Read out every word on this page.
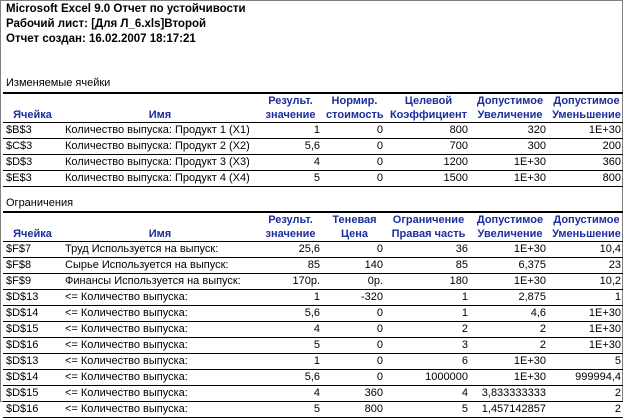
Microsoft Excel 9.0 Отчет по устойчивости
Рабочий лист: [Для Л_6.xls]Второй
Отчет создан: 16.02.2007 18:17:21
Изменяемые ячейки
		Результ.	Нормир.	Целевой	Допустимое	Допустимое
Ячейка	Имя	значение	стоимость	Коэффициент	Увеличение	Уменьшение
$B$3	Количество выпуска: Продукт 1 (X1)	1	0	800	320	1E+30
$C$3	Количество выпуска: Продукт 2 (X2)	5,6	0	700	300	200
$D$3	Количество выпуска: Продукт 3 (X3)	4	0	1200	1E+30	360
$E$3	Количество выпуска: Продукт 4 (X4)	5	0	1500	1E+30	800
Ограничения
		Результ.	Теневая	Ограничение	Допустимое	Допустимое
Ячейка	Имя	значение	Цена	Правая часть	Увеличение	Уменьшение
$F$7	Труд Используется на выпуск:	25,6	0	36	1E+30	10,4
$F$8	Сырье Используется на выпуск:	85	140	85	6,375	23
$F$9	Финансы Используется на выпуск:	170р.	0р.	180	1E+30	10,2
$D$13	<= Количество выпуска:	1	-320	1	2,875	1
$D$14	<= Количество выпуска:	5,6	0	1	4,6	1E+30
$D$15	<= Количество выпуска:	4	0	2	2	1E+30
$D$16	<= Количество выпуска:	5	0	3	2	1E+30
$D$13	<= Количество выпуска:	1	0	6	1E+30	5
$D$14	<= Количество выпуска:	5,6	0	1000000	1E+30	999994,4
$D$15	<= Количество выпуска:	4	360	4	3,833333333	2
$D$16	<= Количество выпуска:	5	800	5	1,457142857	2
